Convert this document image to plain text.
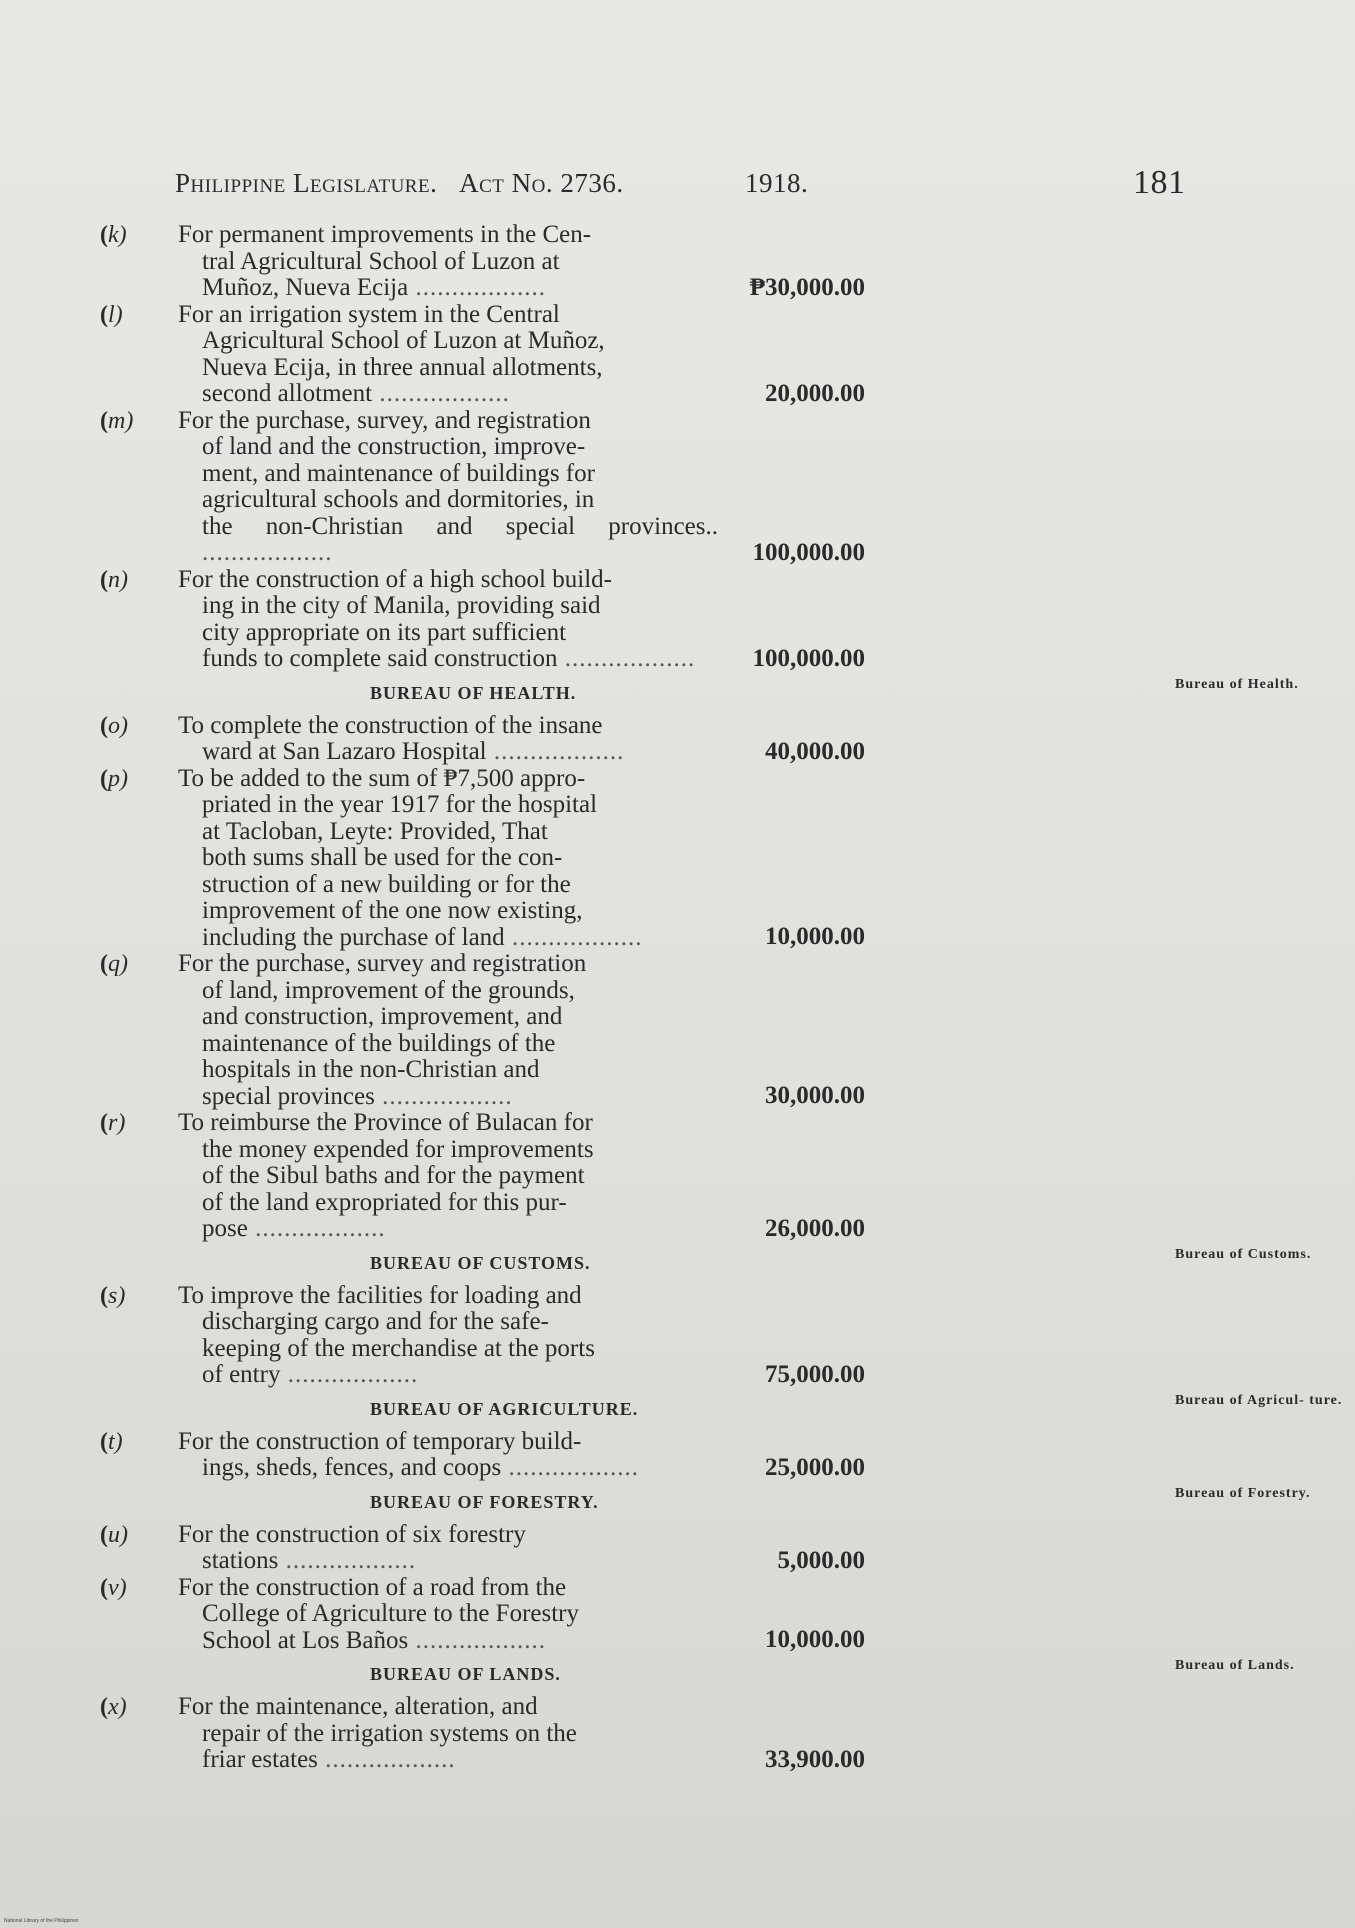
Philippine Legislature. Act No. 2736.	1918.	181
(k)	For permanent improvements in the Cen-
tral Agricultural School of Luzon at
Muñoz, Nueva Ecija ..................	₱30,000.00
(l)	For an irrigation system in the Central
Agricultural School of Luzon at Muñoz,
Nueva Ecija, in three annual allotments,
second allotment ..................	20,000.00
(m)	For the purchase, survey, and registration
of land and the construction, improve-
ment, and maintenance of buildings for
agricultural schools and dormitories, in
the non-Christian and special provinces.. ..................	100,000.00
(n)	For the construction of a high school build-
ing in the city of Manila, providing said
city appropriate on its part sufficient
funds to complete said construction ..................	100,000.00
BUREAU OF HEALTH.	Bureau of Health.
(o)	To complete the construction of the insane
ward at San Lazaro Hospital ..................	40,000.00
(p)	To be added to the sum of ₱7,500 appro-
priated in the year 1917 for the hospital
at Tacloban, Leyte: Provided, That
both sums shall be used for the con-
struction of a new building or for the
improvement of the one now existing,
including the purchase of land ..................	10,000.00
(q)	For the purchase, survey and registration
of land, improvement of the grounds,
and construction, improvement, and
maintenance of the buildings of the
hospitals in the non-Christian and
special provinces ..................	30,000.00
(r)	To reimburse the Province of Bulacan for
the money expended for improvements
of the Sibul baths and for the payment
of the land expropriated for this pur-
pose ..................	26,000.00
BUREAU OF CUSTOMS.	Bureau of Customs.
(s)	To improve the facilities for loading and
discharging cargo and for the safe-
keeping of the merchandise at the ports
of entry ..................	75,000.00
BUREAU OF AGRICULTURE.	Bureau of Agricul- ture.
(t)	For the construction of temporary build-
ings, sheds, fences, and coops ..................	25,000.00
BUREAU OF FORESTRY.	Bureau of Forestry.
(u)	For the construction of six forestry
stations ..................	5,000.00
(v)	For the construction of a road from the
College of Agriculture to the Forestry
School at Los Baños ..................	10,000.00
BUREAU OF LANDS.	Bureau of Lands.
(x)	For the maintenance, alteration, and
repair of the irrigation systems on the
friar estates ..................	33,900.00
National Library of the Philippines
